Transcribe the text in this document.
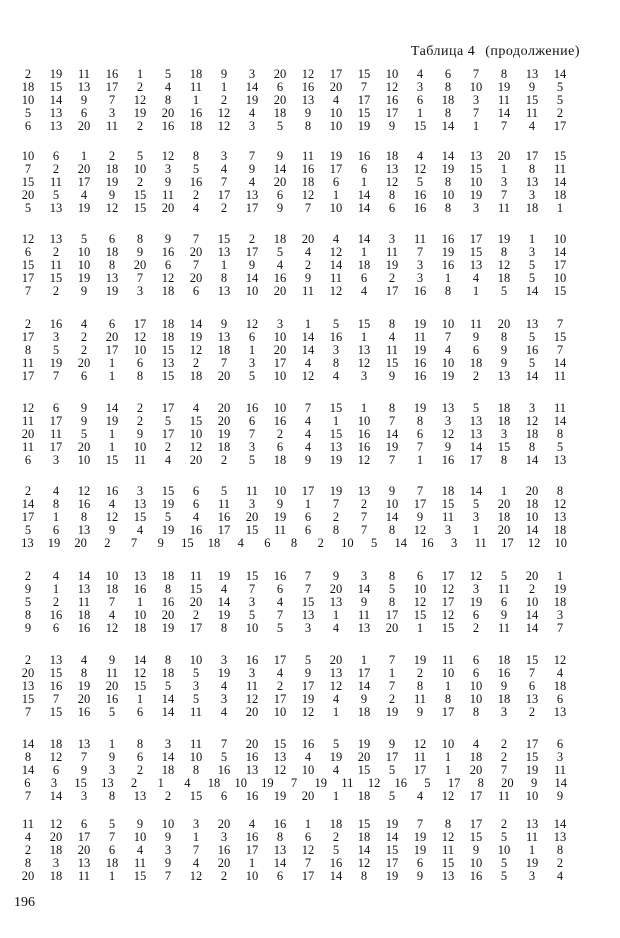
Таблица 4 (продолжение)
2	19	11	16	1	5	18	9	3	20	12	17	15	10	4	6	7	8	13	14
18	15	13	17	2	4	11	1	14	6	16	20	7	12	3	8	10	19	9	5
10	14	9	7	12	8	1	2	19	20	13	4	17	16	6	18	3	11	15	5
5	13	6	3	19	20	16	12	4	18	9	10	15	17	1	8	7	14	11	2
6	13	20	11	2	16	18	12	3	5	8	10	19	9	15	14	1	7	4	17
10	6	1	2	5	12	8	3	7	9	11	19	16	18	4	14	13	20	17	15
7	2	20	18	10	3	5	4	9	14	16	17	6	13	12	19	15	1	8	11
15	11	17	19	2	9	16	7	4	20	18	6	1	12	5	8	10	3	13	14
20	5	4	9	15	11	2	17	13	6	12	1	14	8	16	10	19	7	3	18
5	13	19	12	15	20	4	2	17	9	7	10	14	6	16	8	3	11	18	1
12	13	5	6	8	9	7	15	2	18	20	4	14	3	11	16	17	19	1	10
6	2	10	18	9	16	20	13	17	5	4	12	1	11	7	19	15	8	3	14
15	11	10	8	20	6	7	1	9	4	2	14	18	19	3	16	13	12	5	17
17	15	19	13	7	12	20	8	14	16	9	11	6	2	3	1	4	18	5	10
7	2	9	19	3	18	6	13	10	20	11	12	4	17	16	8	1	5	14	15
2	16	4	6	17	18	14	9	12	3	1	5	15	8	19	10	11	20	13	7
17	3	2	20	12	18	19	13	6	10	14	16	1	4	11	7	9	8	5	15
8	5	2	17	10	15	12	18	1	20	14	3	13	11	19	4	6	9	16	7
11	19	20	1	6	13	2	7	3	17	4	8	12	15	16	10	18	9	5	14
17	7	6	1	8	15	18	20	5	10	12	4	3	9	16	19	2	13	14	11
12	6	9	14	2	17	4	20	16	10	7	15	1	8	19	13	5	18	3	11
11	17	9	19	2	5	15	20	6	16	4	1	10	7	8	3	13	18	12	14
20	11	5	1	9	17	10	19	7	2	4	15	16	14	6	12	13	3	18	8
11	17	20	1	10	2	12	18	3	6	4	13	16	19	7	9	14	15	8	5
6	3	10	15	11	4	20	2	5	18	9	19	12	7	1	16	17	8	14	13
2	4	12	16	3	15	6	5	11	10	17	19	13	9	7	18	14	1	20	8
14	8	16	4	13	19	6	11	3	9	1	7	2	10	17	15	5	20	18	12
17	1	8	12	15	5	4	16	20	19	6	2	7	14	9	11	3	18	10	13
5	6	13	9	4	19	16	17	15	11	6	8	7	8	12	3	1	20	14	18
13	19	20	2	7	9	15	18	4	6	8	2	10	5	14	16	3	11	17	12	10
2	4	14	10	13	18	11	19	15	16	7	9	3	8	6	17	12	5	20	1
9	1	13	18	16	8	15	4	7	6	7	20	14	5	10	12	3	11	2	19
5	2	11	7	1	16	20	14	3	4	15	13	9	8	12	17	19	6	10	18
8	16	18	4	10	20	2	19	5	7	13	1	11	17	15	12	6	9	14	3
9	6	16	12	18	19	17	8	10	5	3	4	13	20	1	15	2	11	14	7
2	13	4	9	14	8	10	3	16	17	5	20	1	7	19	11	6	18	15	12
20	15	8	11	12	18	5	19	3	4	9	13	17	1	2	10	6	16	7	4
13	16	19	20	15	5	3	4	11	2	17	12	14	7	8	1	10	9	6	18
15	7	20	16	1	14	5	3	12	17	19	4	9	2	11	8	10	18	13	6
7	15	16	5	6	14	11	4	20	10	12	1	18	19	9	17	8	3	2	13
14	18	13	1	8	3	11	7	20	15	16	5	19	9	12	10	4	2	17	6
8	12	7	9	6	14	10	5	16	13	4	19	20	17	11	1	18	2	15	3
14	6	9	3	2	18	8	16	13	12	10	4	15	5	17	1	20	7	19	11
6	3	15	13	2	1	4	18	10	19	7	19	11	12	16	5	17	8	20	9	14
7	14	3	8	13	2	15	6	16	19	20	1	18	5	4	12	17	11	10	9
11	12	6	5	9	10	3	20	4	16	1	18	15	19	7	8	17	2	13	14
4	20	17	7	10	9	1	3	16	8	6	2	18	14	19	12	15	5	11	13
2	18	20	6	4	3	7	16	17	13	12	5	14	15	19	11	9	10	1	8
8	3	13	18	11	9	4	20	1	14	7	16	12	17	6	15	10	5	19	2
20	18	11	1	15	7	12	2	10	6	17	14	8	19	9	13	16	5	3	4
196
